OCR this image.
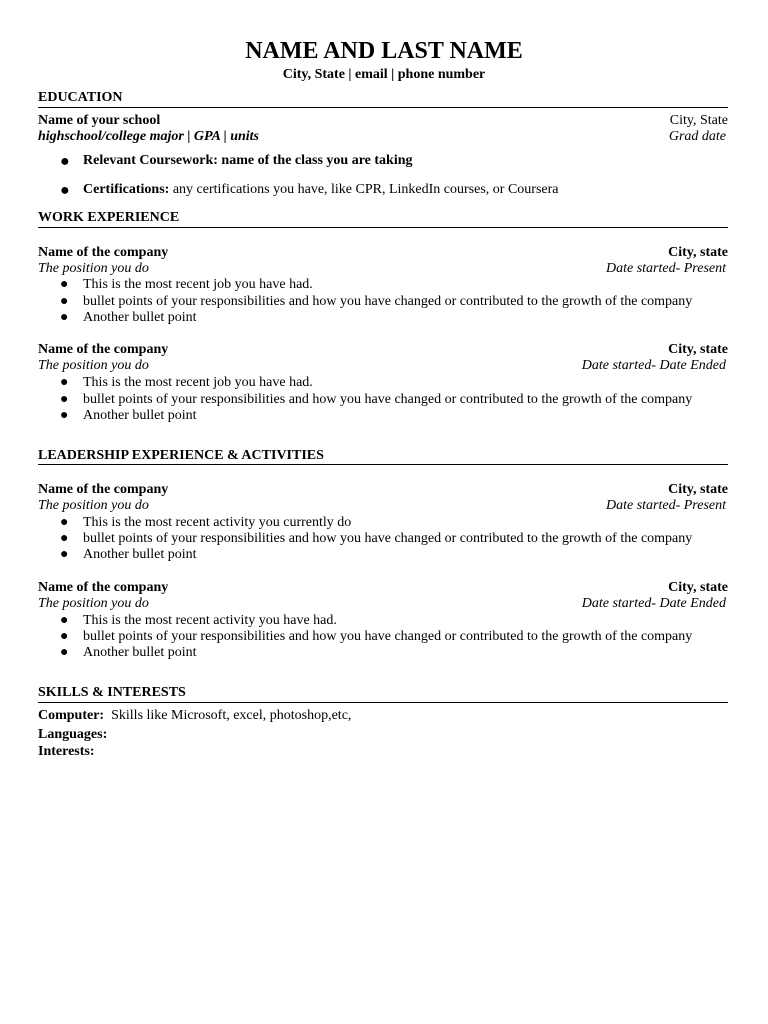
NAME AND LAST NAME
City, State | email | phone number
EDUCATION
Name of your school	City, State
highschool/college major | GPA | units	Grad date
● Relevant Coursework: name of the class you are taking
● Certifications: any certifications you have, like CPR, LinkedIn courses, or Coursera
WORK EXPERIENCE
Name of the company	City, state
The position you do	Date started- Present
● This is the most recent job you have had.
● bullet points of your responsibilities and how you have changed or contributed to the growth of the company
● Another bullet point
Name of the company	City, state
The position you do	Date started- Date Ended
● This is the most recent job you have had.
● bullet points of your responsibilities and how you have changed or contributed to the growth of the company
● Another bullet point
LEADERSHIP EXPERIENCE & ACTIVITIES
Name of the company	City, state
The position you do	Date started- Present
● This is the most recent activity you currently do
● bullet points of your responsibilities and how you have changed or contributed to the growth of the company
● Another bullet point
Name of the company	City, state
The position you do	Date started- Date Ended
● This is the most recent activity you have had.
● bullet points of your responsibilities and how you have changed or contributed to the growth of the company
● Another bullet point
SKILLS & INTERESTS
Computer: Skills like Microsoft, excel, photoshop,etc,
Languages:
Interests:
